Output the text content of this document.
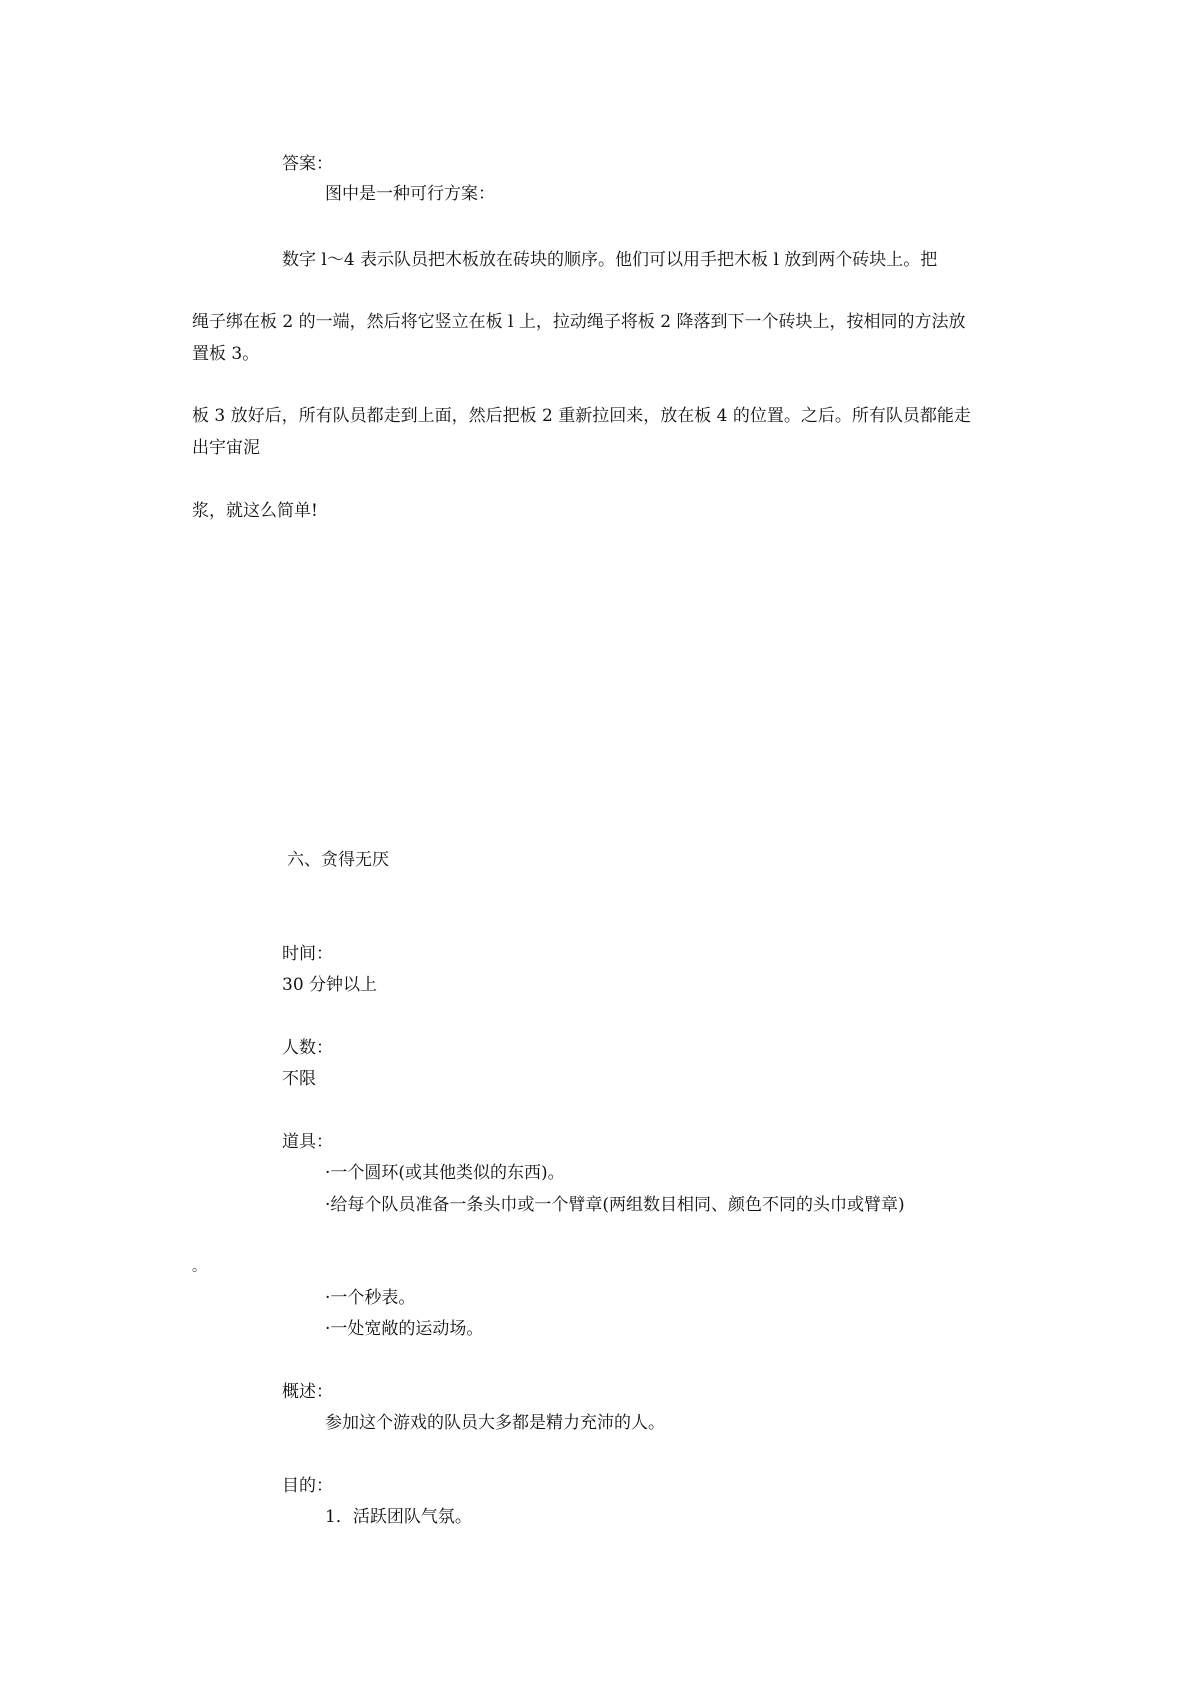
答案：

图中是一种可行方案：

数字 l～4 表示队员把木板放在砖块的顺序。他们可以用手把木板 l 放到两个砖块上。把

绳子绑在板 2 的一端，然后将它竖立在板 l 上，拉动绳子将板 2 降落到下一个砖块上，按相同的方法放

置板 3。

板 3 放好后，所有队员都走到上面，然后把板 2 重新拉回来，放在板 4 的位置。之后。所有队员都能走

出宇宙泥

浆，就这么简单!

六、贪得无厌

时间：

30 分钟以上

人数：

不限

道具：

·一个圆环(或其他类似的东西)。

·给每个队员准备一条头巾或一个臂章(两组数目相同、颜色不同的头巾或臂章)

。

·一个秒表。

·一处宽敞的运动场。

概述：

参加这个游戏的队员大多都是精力充沛的人。

目的：

1．活跃团队气氛。
